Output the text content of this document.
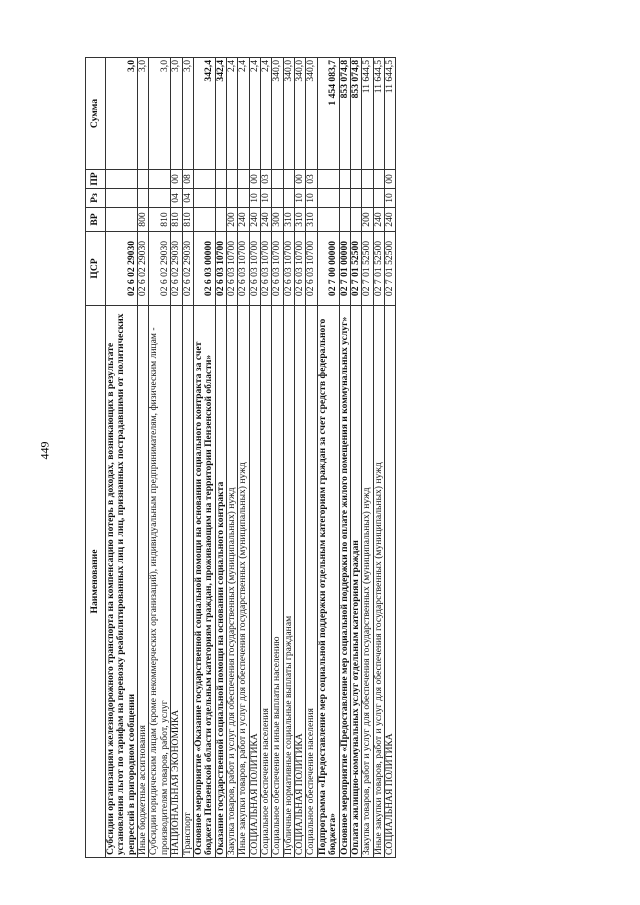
449
Наименование	ЦСР	ВР	Рз	ПР	Сумма
Субсидии организациям железнодорожного транспорта на компенсацию потерь в доходах, возникающих в результате установления льгот по тарифам на перевозку реабилитированных лиц и лиц, признанных пострадавшими от политических репрессий в пригородном сообщении	02 6 02 29030				3,0
Иные бюджетные ассигнования	02 6 02 29030	800			3,0
Субсидии юридическим лицам (кроме некоммерческих организаций), индивидуальным предпринимателям, физическим лицам - производителям товаров, работ, услуг	02 6 02 29030	810			3,0
НАЦИОНАЛЬНАЯ ЭКОНОМИКА	02 6 02 29030	810	04	00	3,0
Транспорт	02 6 02 29030	810	04	08	3,0
Основное мероприятие «Оказание государственной социальной помощи на основании социального контракта за счет бюджета Пензенской области отдельным категориям граждан, проживающим на территории Пензенской области»	02 6 03 00000				342,4
Оказание государственной социальной помощи на основании социального контракта	02 6 03 10700				342,4
Закупка товаров, работ и услуг для обеспечения государственных (муниципальных) нужд	02 6 03 10700	200			2,4
Иные закупки товаров, работ и услуг для обеспечения государственных (муниципальных) нужд	02 6 03 10700	240			2,4
СОЦИАЛЬНАЯ ПОЛИТИКА	02 6 03 10700	240	10	00	2,4
Социальное обеспечение населения	02 6 03 10700	240	10	03	2,4
Социальное обеспечение и иные выплаты населению	02 6 03 10700	300			340,0
Публичные нормативные социальные выплаты гражданам	02 6 03 10700	310			340,0
СОЦИАЛЬНАЯ ПОЛИТИКА	02 6 03 10700	310	10	00	340,0
Социальное обеспечение населения	02 6 03 10700	310	10	03	340,0
Подпрограмма «Предоставление мер социальной поддержки отдельным категориям граждан за счет средств федерального бюджета»	02 7 00 00000				1 454 083,7
Основное мероприятие «Предоставление мер социальной поддержки по оплате жилого помещения и коммунальных услуг»	02 7 01 00000				853 074,8
Оплата жилищно-коммунальных услуг отдельным категориям граждан	02 7 01 52500				853 074,8
Закупка товаров, работ и услуг для обеспечения государственных (муниципальных) нужд	02 7 01 52500	200			11 644,5
Иные закупки товаров, работ и услуг для обеспечения государственных (муниципальных) нужд	02 7 01 52500	240			11 644,5
СОЦИАЛЬНАЯ ПОЛИТИКА	02 7 01 52500	240	10	00	11 644,5
